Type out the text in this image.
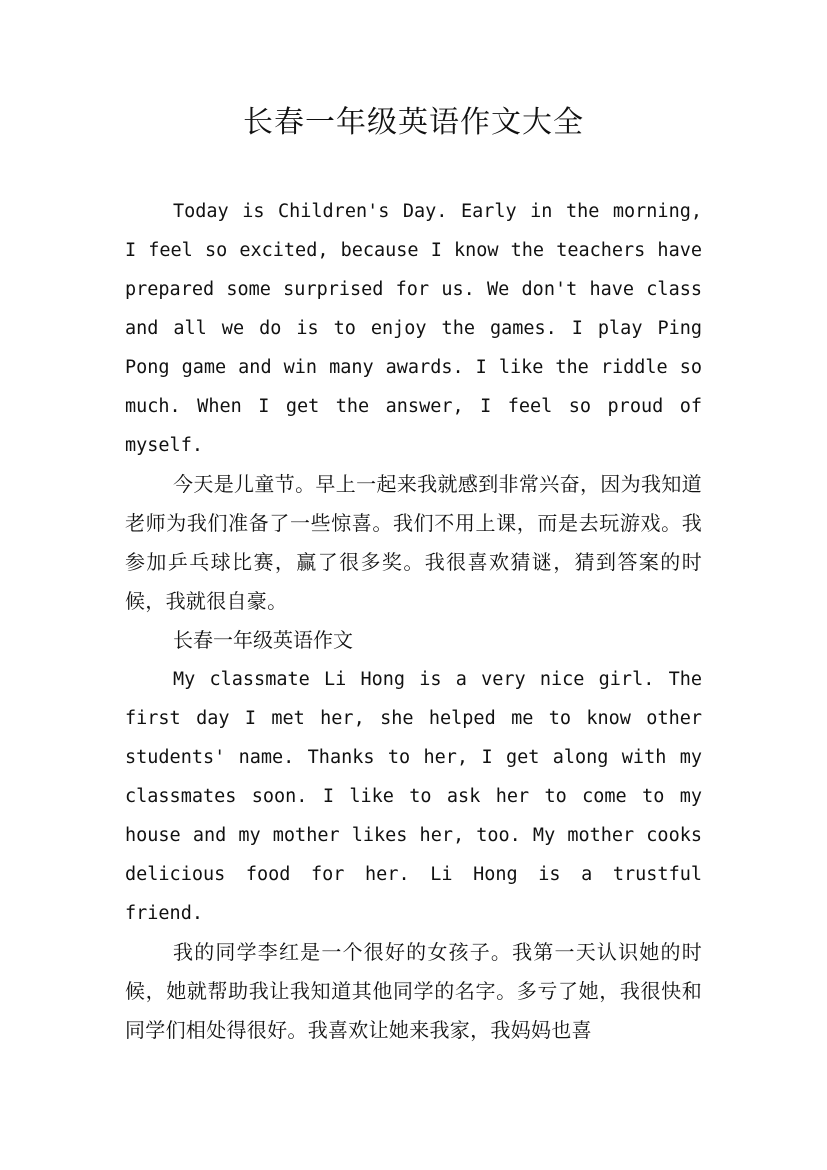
长春一年级英语作文大全

Today is Children's Day. Early in the morning, I feel so excited, because I know the teachers have prepared some surprised for us. We don't have class and all we do is to enjoy the games. I play Ping Pong game and win many awards. I like the riddle so much. When I get the answer, I feel so proud of myself.

今天是儿童节。早上一起来我就感到非常兴奋，因为我知道老师为我们准备了一些惊喜。我们不用上课，而是去玩游戏。我参加乒乓球比赛，赢了很多奖。我很喜欢猜谜，猜到答案的时候，我就很自豪。

长春一年级英语作文

My classmate Li Hong is a very nice girl. The first day I met her, she helped me to know other students' name. Thanks to her, I get along with my classmates soon. I like to ask her to come to my house and my mother likes her, too. My mother cooks delicious food for her. Li Hong is a trustful friend.

我的同学李红是一个很好的女孩子。我第一天认识她的时候，她就帮助我让我知道其他同学的名字。多亏了她，我很快和同学们相处得很好。我喜欢让她来我家，我妈妈也喜
